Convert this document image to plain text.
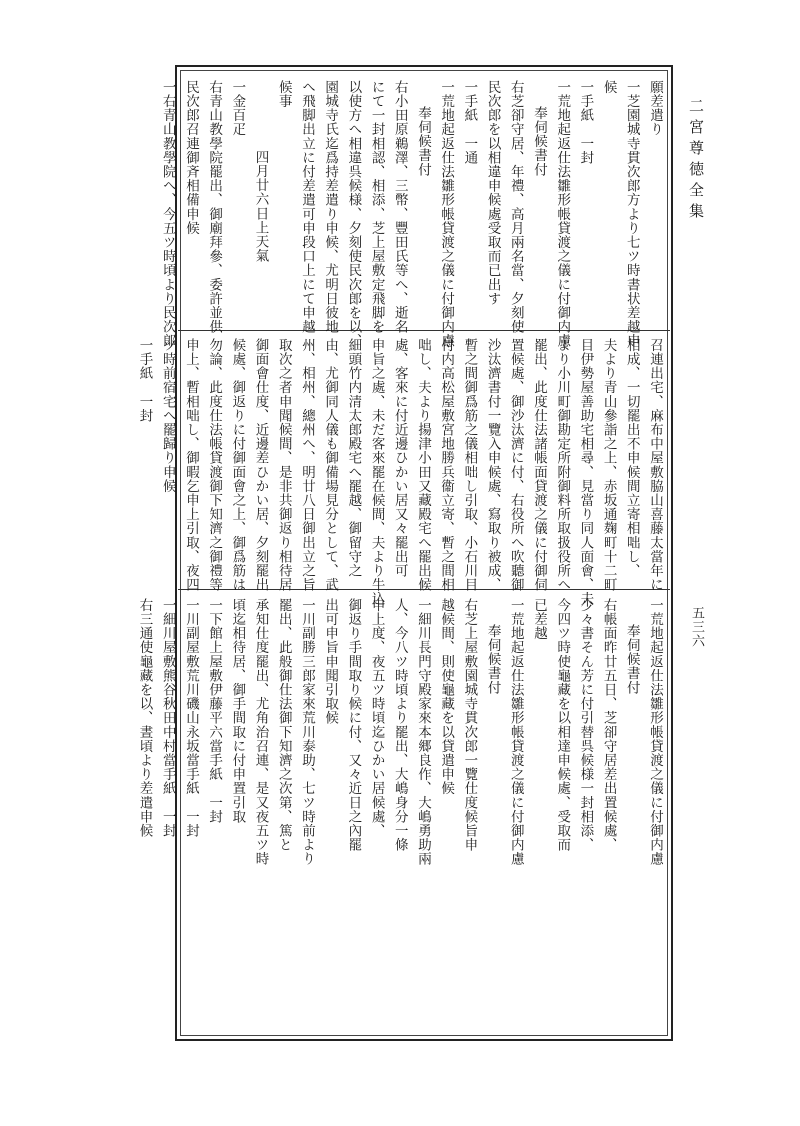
二宮尊徳全集
五三六
願差遣り
一芝園城寺貫次郎方より七ツ時書状差越申
候
一手紙　一封
一荒地起返仕法雛形帳貸渡之儀に付御内慮
奉伺候書付
右芝卻守居、年禮、高月兩名當、夕刻使
民次郎を以相違申候處受取而已出す
一手紙　一通
一荒地起返仕法雛形帳貸渡之儀に付御内慮
奉伺候書付
右小田原鵜澤、三幣、豐田氏等へ、逝名
にて一封相認、相添、芝上屋敷定飛脚を
以使方へ相違呉候様、夕刻使民次郎を以、
園城寺氏迄爲持差遣り申候、尤明日彼地
へ飛脚出立に付差遣可申段口上にて申越
候事
四月廿六日上天氣
一金百疋
右青山教學院罷出、御廟拜參、委許並供
民次郎召連御斉相備申候
一右青山教學院へ、今五ツ時頃より民次郎
召連出宅、麻布中屋敷脇山喜藤太當年に
相成、一切罷出不申候間立寄相咄し、
夫より青山參詣之上、赤坂通麹町十二町
目伊勢屋善助宅相尋、見當り同人面會、夫
より小川町御勘定所附御料所取扱役所へ
罷出、此度仕法諸帳面貸渡之儀に付御伺
置候處、御沙汰濟に付、右役所へ吹聽御
沙汰濟書付一覽入申候處、寫取り被成、
暫之間御爲筋之儀相咄し引取、小石川目
付内高松屋敷宮地勝兵衞立寄、暫之間相
咄し、夫より揚津小田又藏殿宅へ罷出候
處、客來に付近邊ひかい居又々罷出可
申旨之處、未だ客來罷在候間、夫より牛込
細頭竹内清太郎殿宅へ罷越、御留守之
由、尤御同人儀も御備場見分として、武
州、相州、總州へ、明廿八日御出立之旨
取次之者申聞候間、是非共御返り相待居
御面會仕度、近邊差ひかい居、夕刻罷出
候處、御返りに付御面會之上、御爲筋は
勿論、此度仕法帳貸渡御下知濟之御禮等
申上、暫相咄し、御暇乞申上引取、夜四
ツ時前宿宅へ罷歸り申候
一手紙　一封
一荒地起返仕法雛形帳貸渡之儀に付御内慮
奉伺候書付
右帳面昨廿五日、芝卻守居差出置候處、
少々書そん芳に付引替呉候様一封相添、
今四ツ時使龜藏を以相達申候處、受取而
已差越
一荒地起返仕法雛形帳貸渡之儀に付御内慮
奉伺候書付
右芝上屋敷園城寺貫次郎一覽仕度候旨申
越候間、則使龜藏を以貸遣申候
一細川長門守殿家來本郷良作、大嶋勇助兩
人、今八ツ時頃より罷出、大嶋身分一條
申上度、夜五ツ時頃迄ひかい居候處、
御返り手間取り候に付、又々近日之內罷
出可申旨申聞引取候
一川副勝三郎家來荒川泰助、七ツ時前より
罷出、此般御仕法御下知濟之次第、篤と
承知仕度罷出、尤角治召連、是又夜五ツ時
頃迄相待居、御手間取に付申置引取
一下館上屋敷伊藤平六當手紙　一封
一川副屋敷荒川磯山永坂當手紙　一封
一細川屋敷熊谷秋田中村當手紙　一封
右三通使龜藏を以、晝頃より差遣申候
